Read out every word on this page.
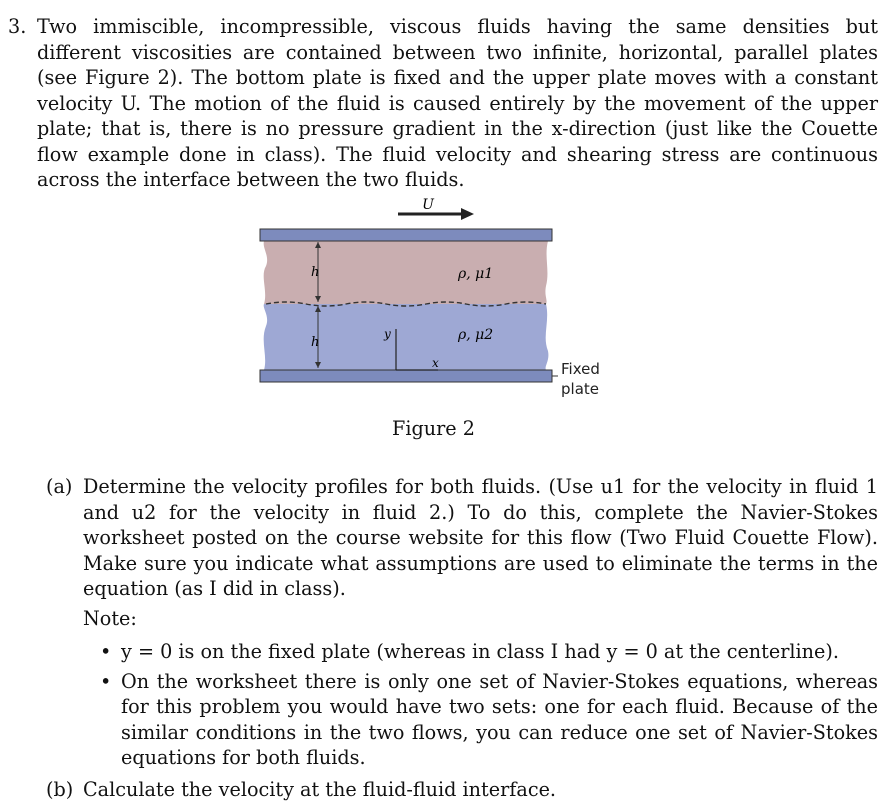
3. Two immiscible, incompressible, viscous fluids having the same densities but different viscosities are contained between two infinite, horizontal, parallel plates (see Figure 2). The bottom plate is fixed and the upper plate moves with a constant velocity U. The motion of the fluid is caused entirely by the movement of the upper plate; that is, there is no pressure gradient in the x-direction (just like the Couette flow example done in class). The fluid velocity and shearing stress are continuous across the interface between the two fluids.
U
h
h
ρ, μ1
ρ, μ2
y
x	Fixed
plate
Figure 2
(a) Determine the velocity profiles for both fluids. (Use u1 for the velocity in fluid 1 and u2 for the velocity in fluid 2.) To do this, complete the Navier-Stokes worksheet posted on the course website for this flow (Two Fluid Couette Flow). Make sure you indicate what assumptions are used to eliminate the terms in the equation (as I did in class).
Note:
• y = 0 is on the fixed plate (whereas in class I had y = 0 at the centerline).
• On the worksheet there is only one set of Navier-Stokes equations, whereas for this problem you would have two sets: one for each fluid. Because of the similar conditions in the two flows, you can reduce one set of Navier-Stokes equations for both fluids.
(b) Calculate the velocity at the fluid-fluid interface.
